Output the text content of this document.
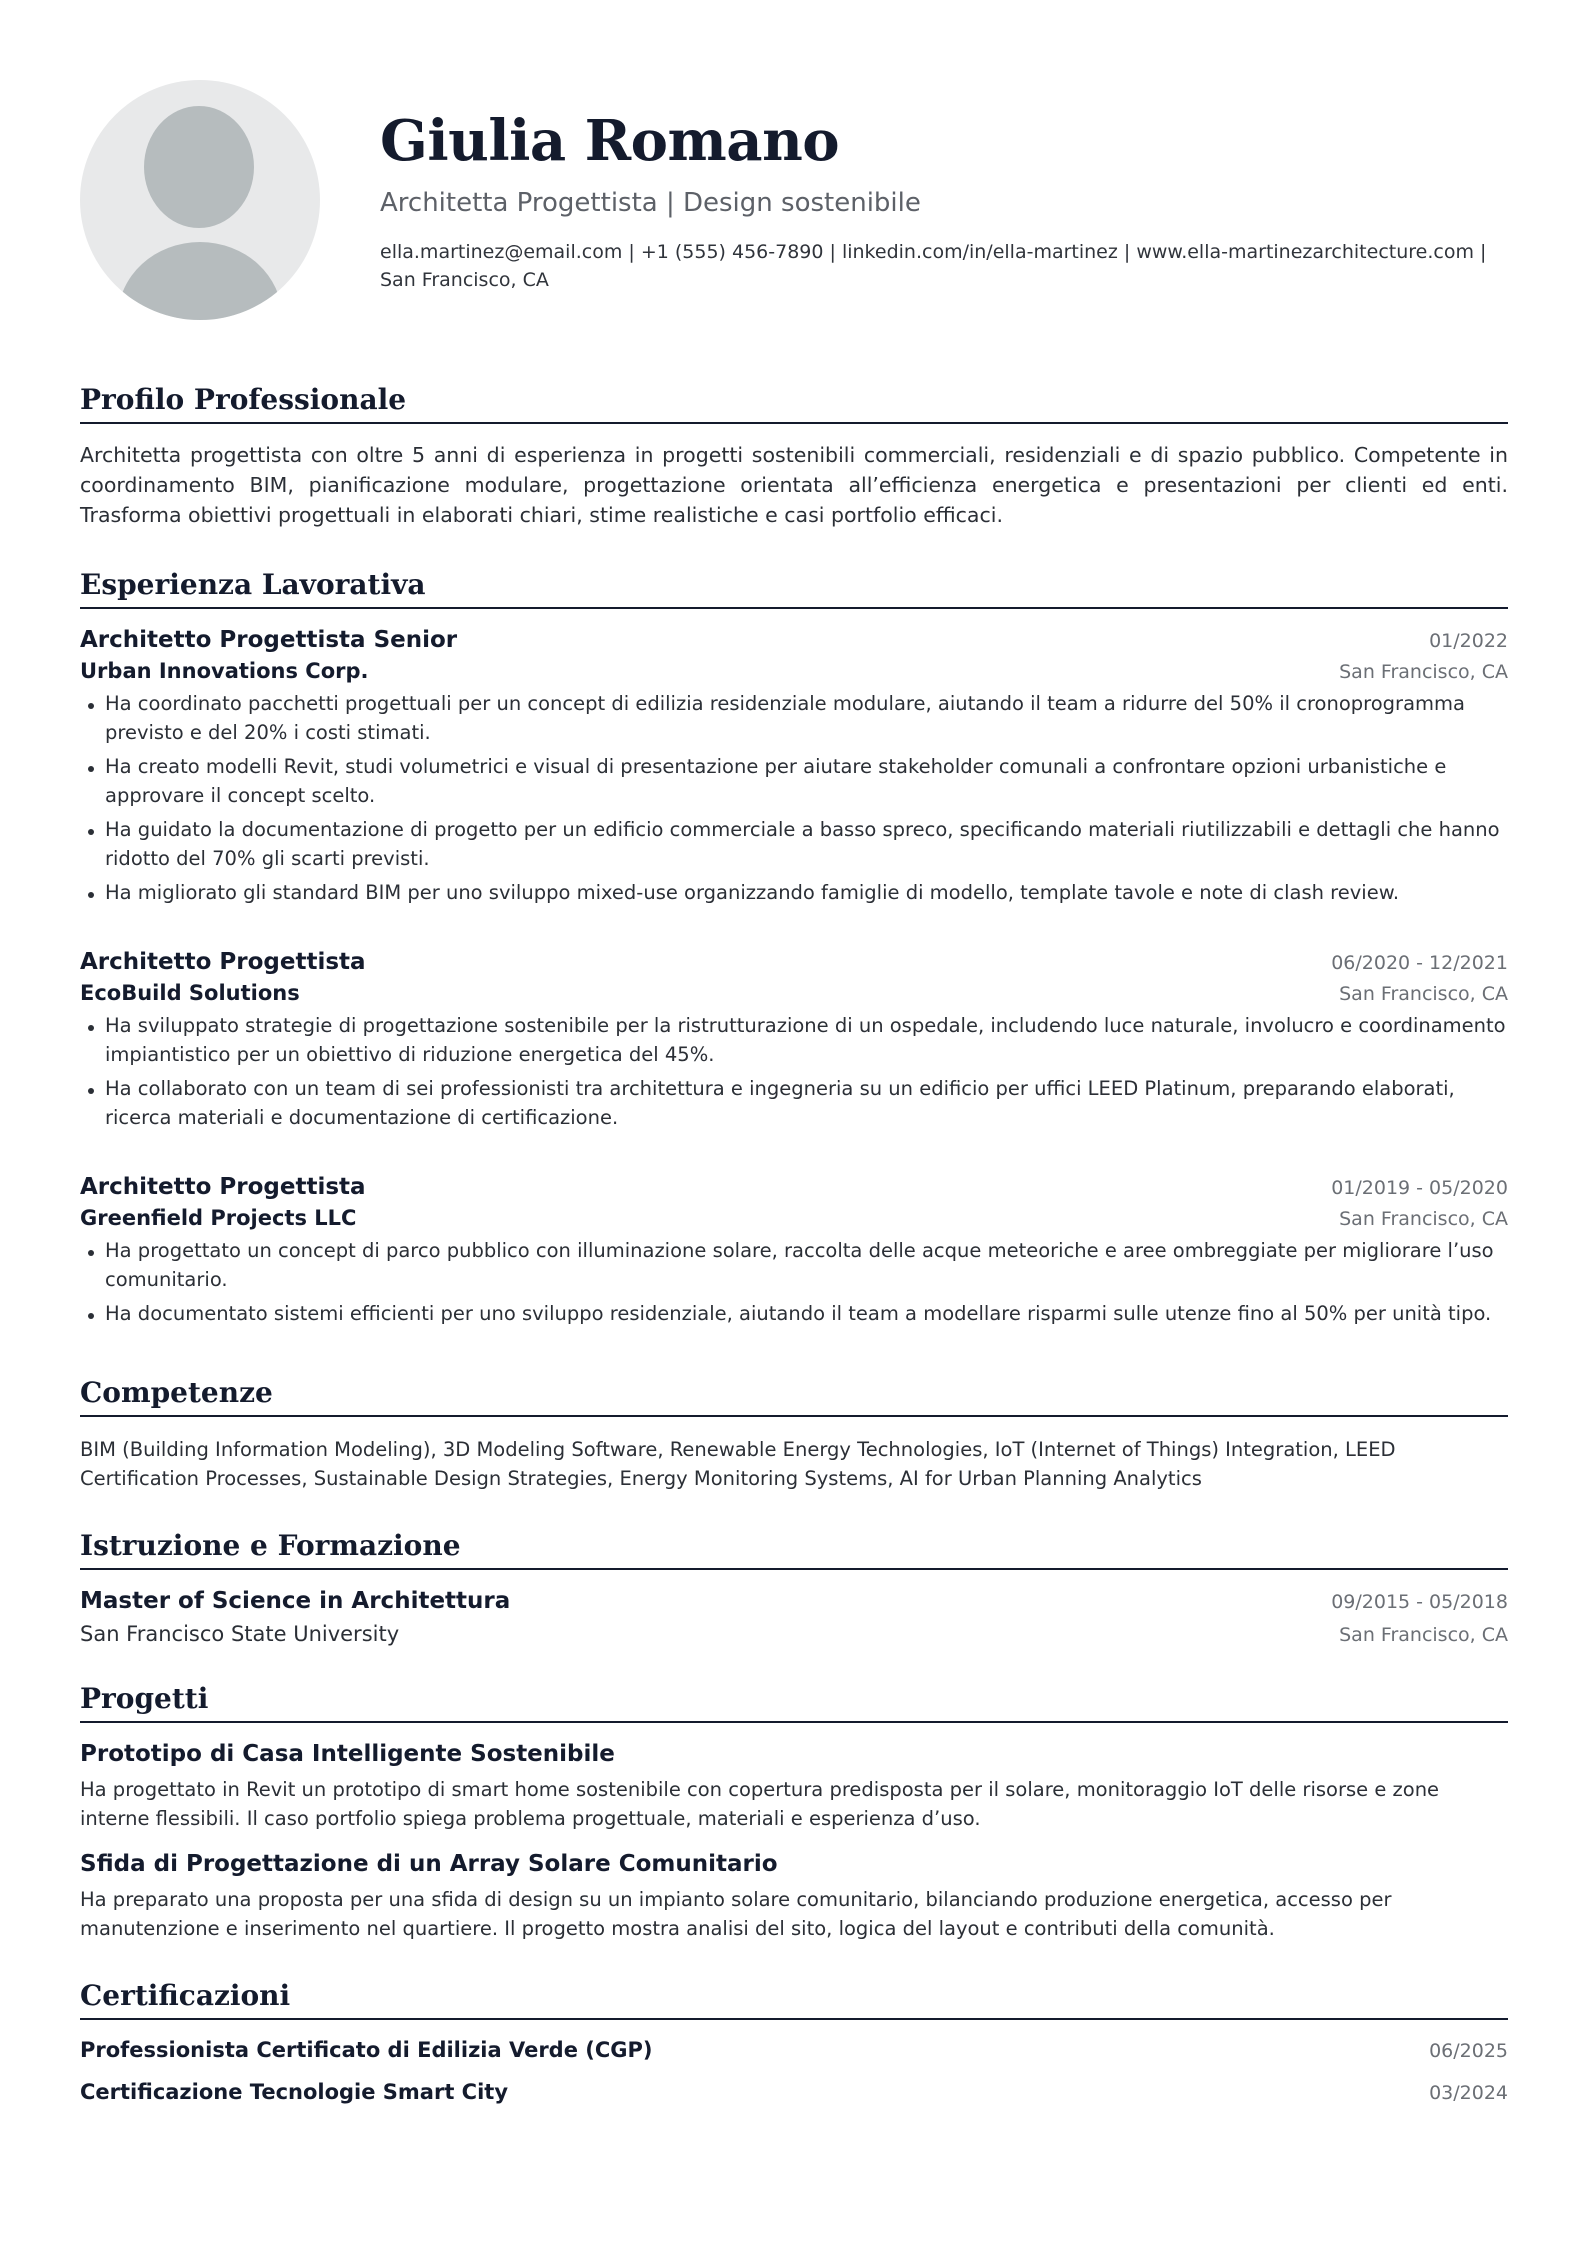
Giulia Romano
Architetta Progettista | Design sostenibile
ella.martinez@email.com | +1 (555) 456-7890 | linkedin.com/in/ella-martinez | www.ella-martinezarchitecture.com | San Francisco, CA
Profilo Professionale
Architetta progettista con oltre 5 anni di esperienza in progetti sostenibili commerciali, residenziali e di spazio pubblico. Competente in coordinamento BIM, pianificazione modulare, progettazione orientata all’efficienza energetica e presentazioni per clienti ed enti. Trasforma obiettivi progettuali in elaborati chiari, stime realistiche e casi portfolio efficaci.
Esperienza Lavorativa
Architetto Progettista Senior	01/2022
Urban Innovations Corp.	San Francisco, CA
Ha coordinato pacchetti progettuali per un concept di edilizia residenziale modulare, aiutando il team a ridurre del 50% il cronoprogramma previsto e del 20% i costi stimati.
Ha creato modelli Revit, studi volumetrici e visual di presentazione per aiutare stakeholder comunali a confrontare opzioni urbanistiche e approvare il concept scelto.
Ha guidato la documentazione di progetto per un edificio commerciale a basso spreco, specificando materiali riutilizzabili e dettagli che hanno ridotto del 70% gli scarti previsti.
Ha migliorato gli standard BIM per uno sviluppo mixed-use organizzando famiglie di modello, template tavole e note di clash review.
Architetto Progettista	06/2020 - 12/2021
EcoBuild Solutions	San Francisco, CA
Ha sviluppato strategie di progettazione sostenibile per la ristrutturazione di un ospedale, includendo luce naturale, involucro e coordinamento impiantistico per un obiettivo di riduzione energetica del 45%.
Ha collaborato con un team di sei professionisti tra architettura e ingegneria su un edificio per uffici LEED Platinum, preparando elaborati, ricerca materiali e documentazione di certificazione.
Architetto Progettista	01/2019 - 05/2020
Greenfield Projects LLC	San Francisco, CA
Ha progettato un concept di parco pubblico con illuminazione solare, raccolta delle acque meteoriche e aree ombreggiate per migliorare l’uso comunitario.
Ha documentato sistemi efficienti per uno sviluppo residenziale, aiutando il team a modellare risparmi sulle utenze fino al 50% per unità tipo.
Competenze
BIM (Building Information Modeling), 3D Modeling Software, Renewable Energy Technologies, IoT (Internet of Things) Integration, LEED Certification Processes, Sustainable Design Strategies, Energy Monitoring Systems, AI for Urban Planning Analytics
Istruzione e Formazione
Master of Science in Architettura	09/2015 - 05/2018
San Francisco State University	San Francisco, CA
Progetti
Prototipo di Casa Intelligente Sostenibile
Ha progettato in Revit un prototipo di smart home sostenibile con copertura predisposta per il solare, monitoraggio IoT delle risorse e zone interne flessibili. Il caso portfolio spiega problema progettuale, materiali e esperienza d’uso.
Sfida di Progettazione di un Array Solare Comunitario
Ha preparato una proposta per una sfida di design su un impianto solare comunitario, bilanciando produzione energetica, accesso per manutenzione e inserimento nel quartiere. Il progetto mostra analisi del sito, logica del layout e contributi della comunità.
Certificazioni
Professionista Certificato di Edilizia Verde (CGP)	06/2025
Certificazione Tecnologie Smart City	03/2024
